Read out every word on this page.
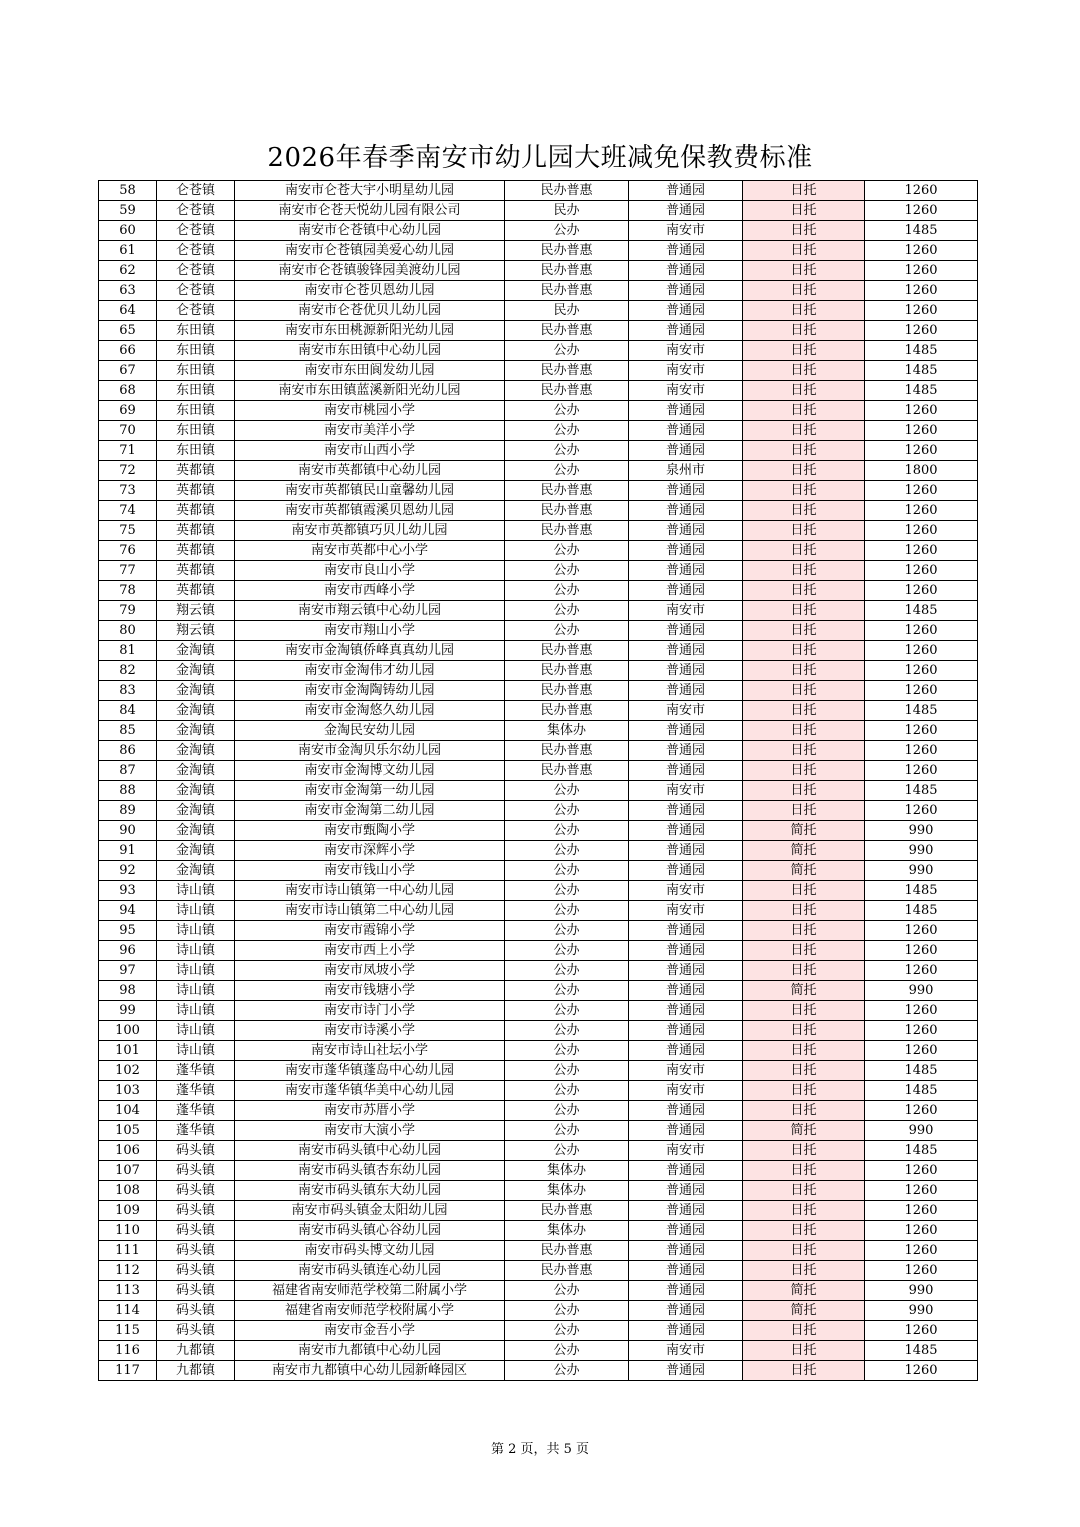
2026年春季南安市幼儿园大班减免保教费标准
58	仑苍镇	南安市仑苍大宇小明星幼儿园	民办普惠	普通园	日托	1260
59	仑苍镇	南安市仑苍天悦幼儿园有限公司	民办	普通园	日托	1260
60	仑苍镇	南安市仑苍镇中心幼儿园	公办	南安市	日托	1485
61	仑苍镇	南安市仑苍镇园美爱心幼儿园	民办普惠	普通园	日托	1260
62	仑苍镇	南安市仑苍镇骏锋园美渡幼儿园	民办普惠	普通园	日托	1260
63	仑苍镇	南安市仑苍贝恩幼儿园	民办普惠	普通园	日托	1260
64	仑苍镇	南安市仑苍优贝儿幼儿园	民办	普通园	日托	1260
65	东田镇	南安市东田桃源新阳光幼儿园	民办普惠	普通园	日托	1260
66	东田镇	南安市东田镇中心幼儿园	公办	南安市	日托	1485
67	东田镇	南安市东田阆发幼儿园	民办普惠	南安市	日托	1485
68	东田镇	南安市东田镇蓝溪新阳光幼儿园	民办普惠	南安市	日托	1485
69	东田镇	南安市桃园小学	公办	普通园	日托	1260
70	东田镇	南安市美洋小学	公办	普通园	日托	1260
71	东田镇	南安市山西小学	公办	普通园	日托	1260
72	英都镇	南安市英都镇中心幼儿园	公办	泉州市	日托	1800
73	英都镇	南安市英都镇民山童馨幼儿园	民办普惠	普通园	日托	1260
74	英都镇	南安市英都镇霞溪贝恩幼儿园	民办普惠	普通园	日托	1260
75	英都镇	南安市英都镇巧贝儿幼儿园	民办普惠	普通园	日托	1260
76	英都镇	南安市英都中心小学	公办	普通园	日托	1260
77	英都镇	南安市良山小学	公办	普通园	日托	1260
78	英都镇	南安市西峰小学	公办	普通园	日托	1260
79	翔云镇	南安市翔云镇中心幼儿园	公办	南安市	日托	1485
80	翔云镇	南安市翔山小学	公办	普通园	日托	1260
81	金淘镇	南安市金淘镇侨峰真真幼儿园	民办普惠	普通园	日托	1260
82	金淘镇	南安市金淘伟才幼儿园	民办普惠	普通园	日托	1260
83	金淘镇	南安市金淘陶铸幼儿园	民办普惠	普通园	日托	1260
84	金淘镇	南安市金淘悠久幼儿园	民办普惠	南安市	日托	1485
85	金淘镇	金淘民安幼儿园	集体办	普通园	日托	1260
86	金淘镇	南安市金淘贝乐尔幼儿园	民办普惠	普通园	日托	1260
87	金淘镇	南安市金淘博文幼儿园	民办普惠	普通园	日托	1260
88	金淘镇	南安市金淘第一幼儿园	公办	南安市	日托	1485
89	金淘镇	南安市金淘第二幼儿园	公办	普通园	日托	1260
90	金淘镇	南安市甄陶小学	公办	普通园	简托	990
91	金淘镇	南安市深辉小学	公办	普通园	简托	990
92	金淘镇	南安市钱山小学	公办	普通园	简托	990
93	诗山镇	南安市诗山镇第一中心幼儿园	公办	南安市	日托	1485
94	诗山镇	南安市诗山镇第二中心幼儿园	公办	南安市	日托	1485
95	诗山镇	南安市霞锦小学	公办	普通园	日托	1260
96	诗山镇	南安市西上小学	公办	普通园	日托	1260
97	诗山镇	南安市凤坡小学	公办	普通园	日托	1260
98	诗山镇	南安市钱塘小学	公办	普通园	简托	990
99	诗山镇	南安市诗门小学	公办	普通园	日托	1260
100	诗山镇	南安市诗溪小学	公办	普通园	日托	1260
101	诗山镇	南安市诗山社坛小学	公办	普通园	日托	1260
102	蓬华镇	南安市蓬华镇蓬岛中心幼儿园	公办	南安市	日托	1485
103	蓬华镇	南安市蓬华镇华美中心幼儿园	公办	南安市	日托	1485
104	蓬华镇	南安市苏厝小学	公办	普通园	日托	1260
105	蓬华镇	南安市大演小学	公办	普通园	简托	990
106	码头镇	南安市码头镇中心幼儿园	公办	南安市	日托	1485
107	码头镇	南安市码头镇杏东幼儿园	集体办	普通园	日托	1260
108	码头镇	南安市码头镇东大幼儿园	集体办	普通园	日托	1260
109	码头镇	南安市码头镇金太阳幼儿园	民办普惠	普通园	日托	1260
110	码头镇	南安市码头镇心谷幼儿园	集体办	普通园	日托	1260
111	码头镇	南安市码头博文幼儿园	民办普惠	普通园	日托	1260
112	码头镇	南安市码头镇连心幼儿园	民办普惠	普通园	日托	1260
113	码头镇	福建省南安师范学校第二附属小学	公办	普通园	简托	990
114	码头镇	福建省南安师范学校附属小学	公办	普通园	简托	990
115	码头镇	南安市金吾小学	公办	普通园	日托	1260
116	九都镇	南安市九都镇中心幼儿园	公办	南安市	日托	1485
117	九都镇	南安市九都镇中心幼儿园新峰园区	公办	普通园	日托	1260
第 2 页，共 5 页
